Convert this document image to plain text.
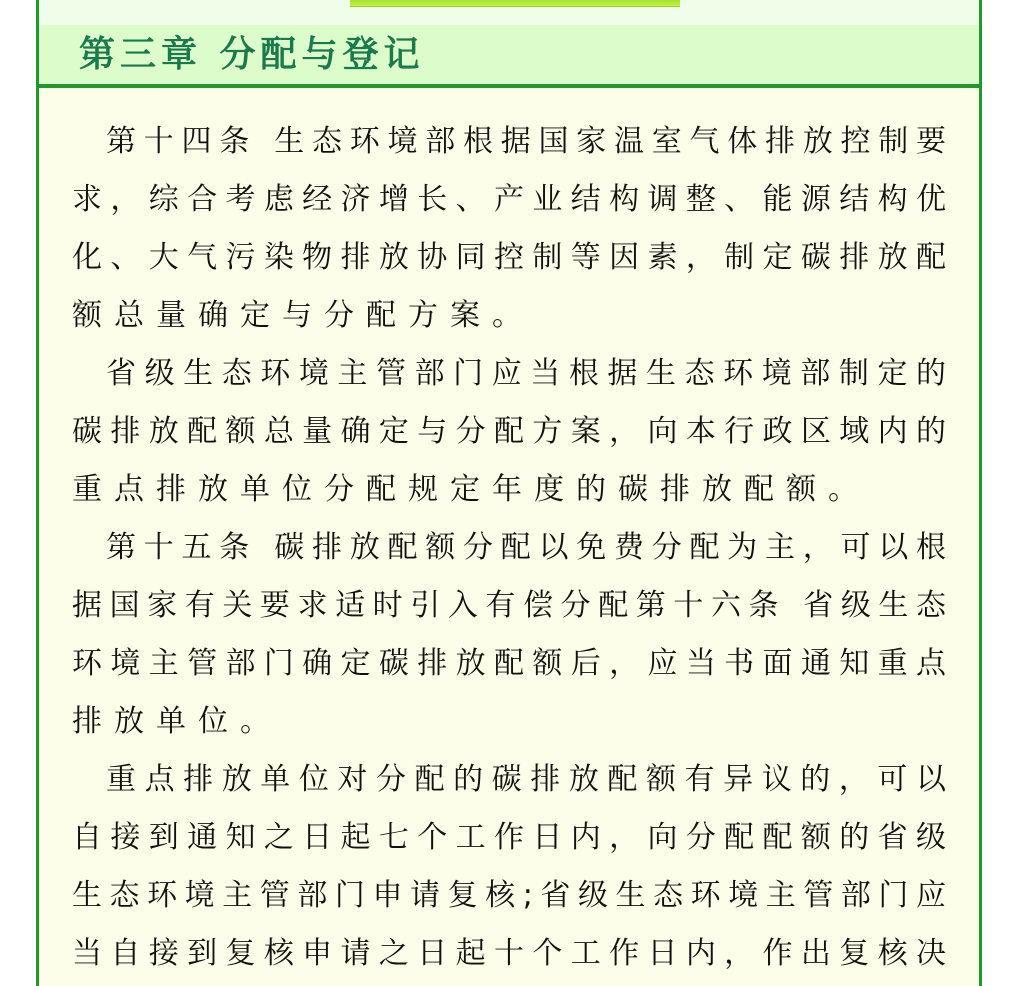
第三章 分配与登记
第十四条 生态环境部根据国家温室气体排放控制要
求，综合考虑经济增长、产业结构调整、能源结构优
化、大气污染物排放协同控制等因素，制定碳排放配
额总量确定与分配方案。
省级生态环境主管部门应当根据生态环境部制定的
碳排放配额总量确定与分配方案，向本行政区域内的
重点排放单位分配规定年度的碳排放配额。
第十五条 碳排放配额分配以免费分配为主，可以根
据国家有关要求适时引入有偿分配第十六条 省级生态
环境主管部门确定碳排放配额后，应当书面通知重点
排放单位。
重点排放单位对分配的碳排放配额有异议的，可以
自接到通知之日起七个工作日内，向分配配额的省级
生态环境主管部门申请复核;省级生态环境主管部门应
当自接到复核申请之日起十个工作日内，作出复核决
